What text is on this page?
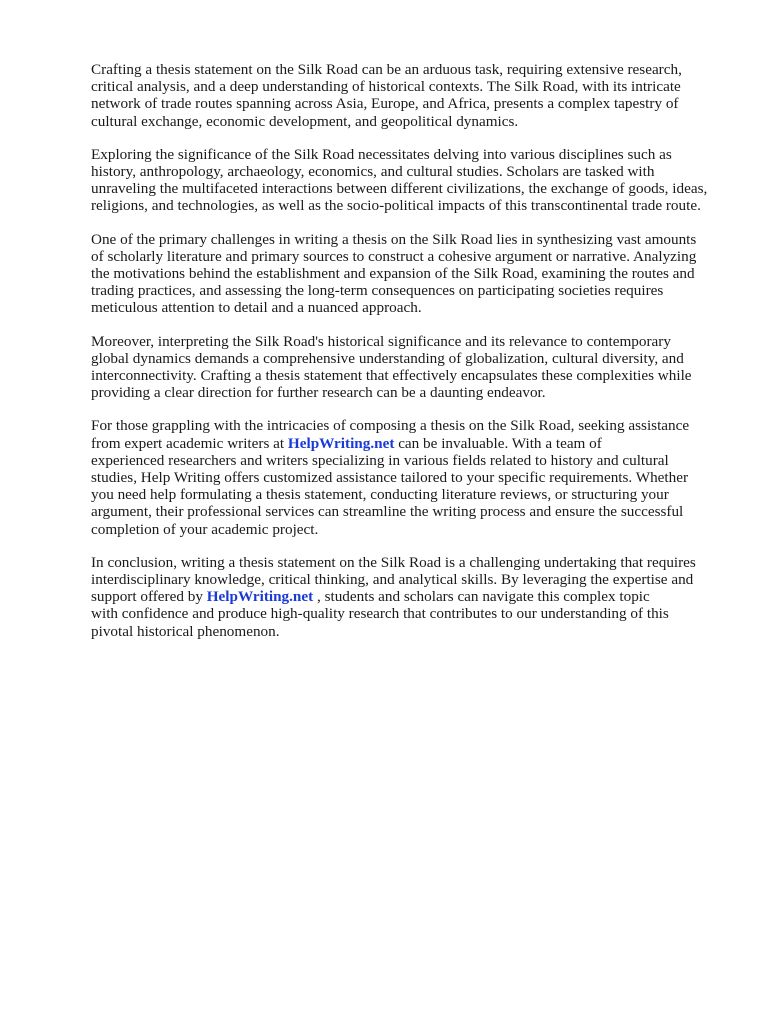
Crafting a thesis statement on the Silk Road can be an arduous task, requiring extensive research,
critical analysis, and a deep understanding of historical contexts. The Silk Road, with its intricate
network of trade routes spanning across Asia, Europe, and Africa, presents a complex tapestry of
cultural exchange, economic development, and geopolitical dynamics.

Exploring the significance of the Silk Road necessitates delving into various disciplines such as
history, anthropology, archaeology, economics, and cultural studies. Scholars are tasked with
unraveling the multifaceted interactions between different civilizations, the exchange of goods, ideas,
religions, and technologies, as well as the socio-political impacts of this transcontinental trade route.

One of the primary challenges in writing a thesis on the Silk Road lies in synthesizing vast amounts
of scholarly literature and primary sources to construct a cohesive argument or narrative. Analyzing
the motivations behind the establishment and expansion of the Silk Road, examining the routes and
trading practices, and assessing the long-term consequences on participating societies requires
meticulous attention to detail and a nuanced approach.

Moreover, interpreting the Silk Road's historical significance and its relevance to contemporary
global dynamics demands a comprehensive understanding of globalization, cultural diversity, and
interconnectivity. Crafting a thesis statement that effectively encapsulates these complexities while
providing a clear direction for further research can be a daunting endeavor.

For those grappling with the intricacies of composing a thesis on the Silk Road, seeking assistance
from expert academic writers at HelpWriting.net can be invaluable. With a team of
experienced researchers and writers specializing in various fields related to history and cultural
studies, Help Writing offers customized assistance tailored to your specific requirements. Whether
you need help formulating a thesis statement, conducting literature reviews, or structuring your
argument, their professional services can streamline the writing process and ensure the successful
completion of your academic project.

In conclusion, writing a thesis statement on the Silk Road is a challenging undertaking that requires
interdisciplinary knowledge, critical thinking, and analytical skills. By leveraging the expertise and
support offered by HelpWriting.net , students and scholars can navigate this complex topic
with confidence and produce high-quality research that contributes to our understanding of this
pivotal historical phenomenon.
